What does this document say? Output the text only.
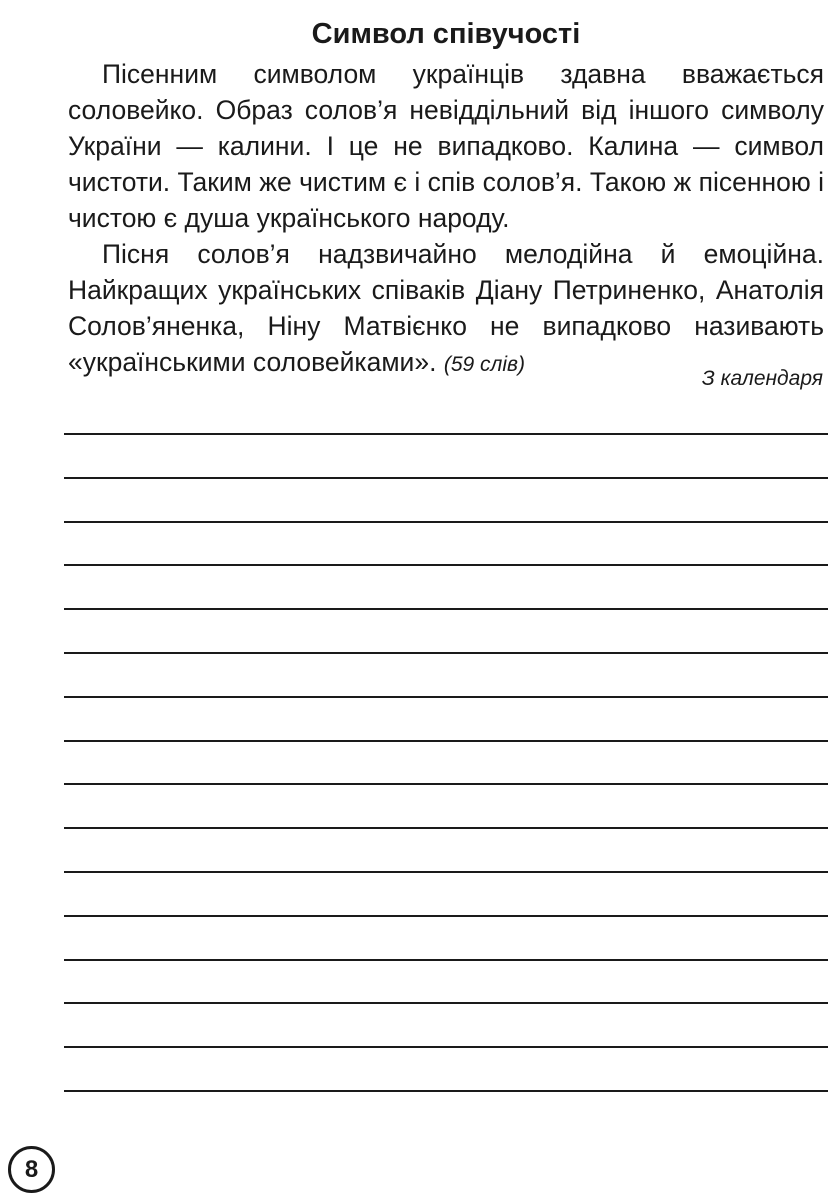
Символ співучості

Пісенним символом українців здавна вважається соловейко. Образ солов’я невіддільний від іншого символу України — калини. І це не випадково. Калина — символ чистоти. Таким же чистим є і спів солов’я. Такою ж пісенною і чистою є душа українського народу.

Пісня солов’я надзвичайно мелодійна й емоційна. Найкращих українських співаків Діану Петриненко, Анатолія Солов’яненка, Ніну Матвієнко не випадково називають «українськими соловейками». (59 слів)

З календаря

8
